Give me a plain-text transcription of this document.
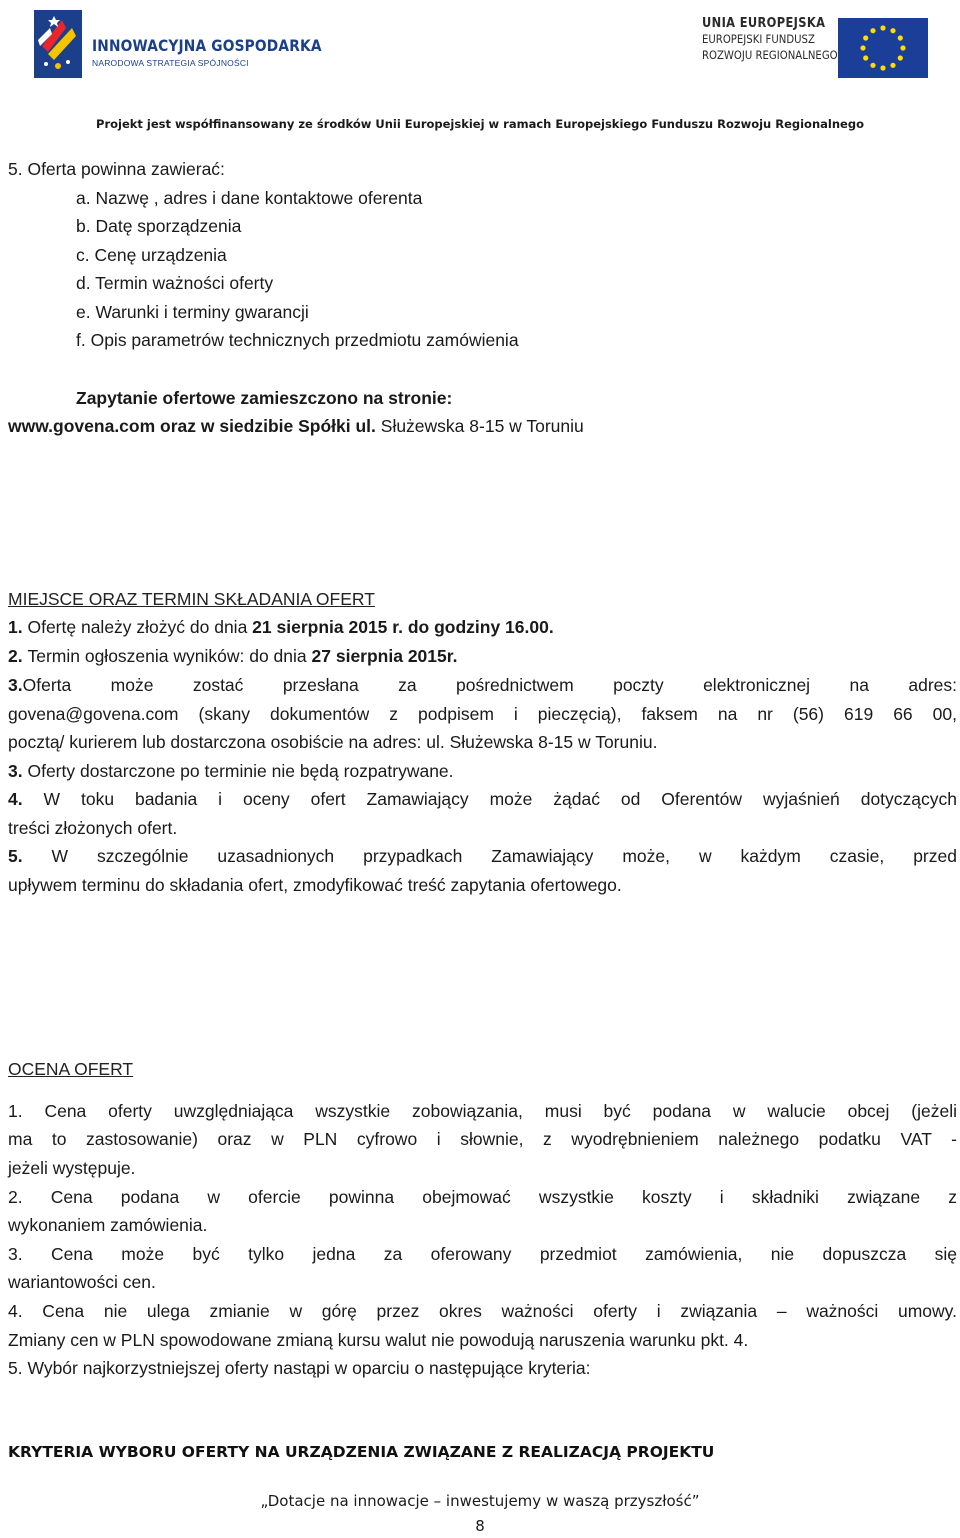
INNOWACYJNA GOSPODARKA
NARODOWA STRATEGIA SPÓJNOŚCI
UNIA EUROPEJSKA
EUROPEJSKI FUNDUSZ
ROZWOJU REGIONALNEGO
Projekt jest współfinansowany ze środków Unii Europejskiej w ramach Europejskiego Funduszu Rozwoju Regionalnego
5. Oferta powinna zawierać:
a. Nazwę , adres i dane kontaktowe oferenta
b. Datę sporządzenia
c. Cenę urządzenia
d. Termin ważności oferty
e. Warunki i terminy gwarancji
f. Opis parametrów technicznych przedmiotu zamówienia
Zapytanie ofertowe zamieszczono na stronie:
www.govena.com oraz w siedzibie Spółki ul. Służewska 8-15 w Toruniu
MIEJSCE ORAZ TERMIN SKŁADANIA OFERT
1. Ofertę należy złożyć do dnia 21 sierpnia 2015 r. do godziny 16.00.
2. Termin ogłoszenia wyników: do dnia 27 sierpnia 2015r.
3.Oferta może zostać przesłana za pośrednictwem poczty elektronicznej na adres:
govena@govena.com (skany dokumentów z podpisem i pieczęcią), faksem na nr (56) 619 66 00,
pocztą/ kurierem lub dostarczona osobiście na adres: ul. Służewska 8-15 w Toruniu.
3. Oferty dostarczone po terminie nie będą rozpatrywane.
4. W toku badania i oceny ofert Zamawiający może żądać od Oferentów wyjaśnień dotyczących
treści złożonych ofert.
5. W szczególnie uzasadnionych przypadkach Zamawiający może, w każdym czasie, przed
upływem terminu do składania ofert, zmodyfikować treść zapytania ofertowego.
OCENA OFERT
1. Cena oferty uwzględniająca wszystkie zobowiązania, musi być podana w walucie obcej (jeżeli
ma to zastosowanie) oraz w PLN cyfrowo i słownie, z wyodrębnieniem należnego podatku VAT -
jeżeli występuje.
2. Cena podana w ofercie powinna obejmować wszystkie koszty i składniki związane z
wykonaniem zamówienia.
3. Cena może być tylko jedna za oferowany przedmiot zamówienia, nie dopuszcza się
wariantowości cen.
4. Cena nie ulega zmianie w górę przez okres ważności oferty i związania – ważności umowy.
Zmiany cen w PLN spowodowane zmianą kursu walut nie powodują naruszenia warunku pkt. 4.
5. Wybór najkorzystniejszej oferty nastąpi w oparciu o następujące kryteria:
KRYTERIA WYBORU OFERTY NA URZĄDZENIA ZWIĄZANE Z REALIZACJĄ PROJEKTU
„Dotacje na innowacje – inwestujemy w waszą przyszłość”
8
